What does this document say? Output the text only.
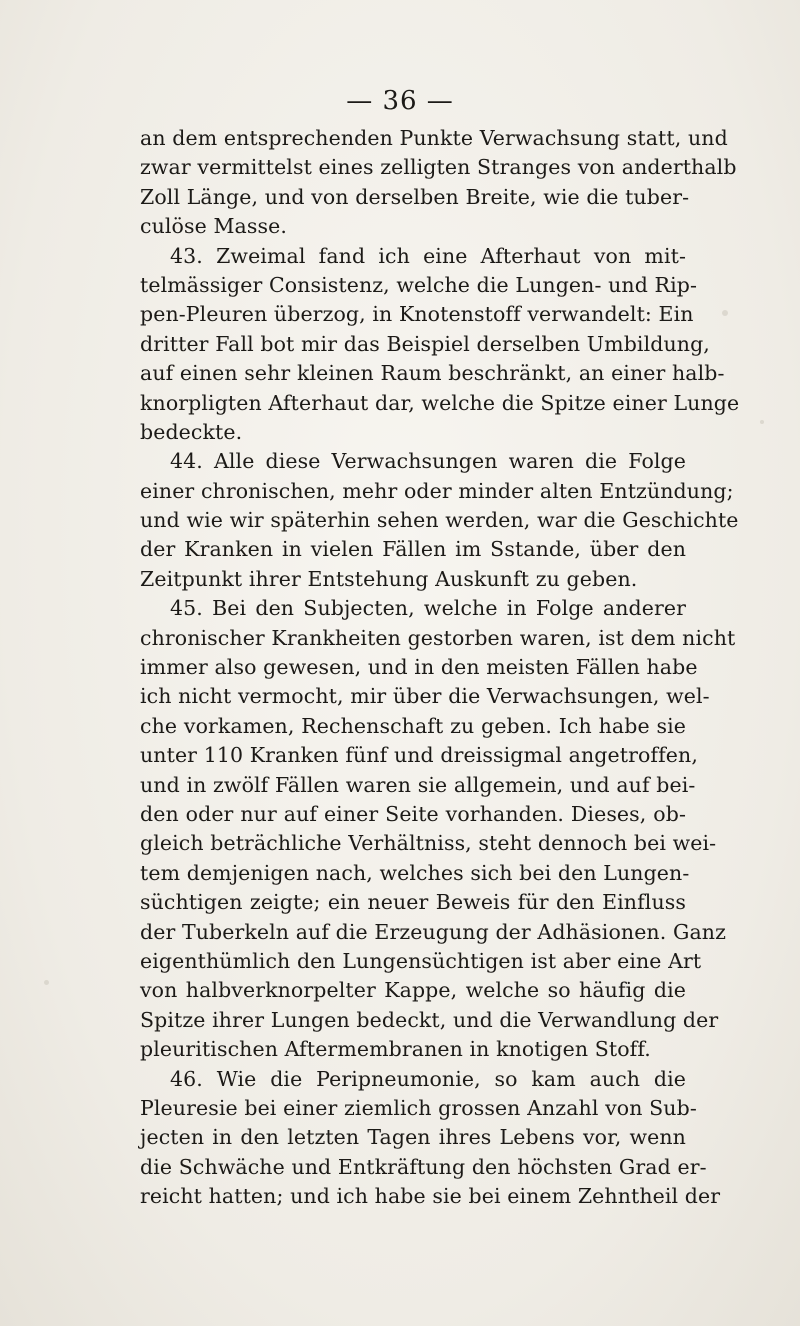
— 36 —
an dem entsprechenden Punkte Verwachsung statt, und
zwar vermittelst eines zelligten Stranges von anderthalb
Zoll Länge, und von derselben Breite, wie die tuber-
culöse Masse.
43. Zweimal fand ich eine Afterhaut von mit-
telmässiger Consistenz, welche die Lungen- und Rip-
pen-Pleuren überzog, in Knotenstoff verwandelt: Ein
dritter Fall bot mir das Beispiel derselben Umbildung,
auf einen sehr kleinen Raum beschränkt, an einer halb-
knorpligten Afterhaut dar, welche die Spitze einer Lunge
bedeckte.
44. Alle diese Verwachsungen waren die Folge
einer chronischen, mehr oder minder alten Entzündung;
und wie wir späterhin sehen werden, war die Geschichte
der Kranken in vielen Fällen im Sstande, über den
Zeitpunkt ihrer Entstehung Auskunft zu geben.
45. Bei den Subjecten, welche in Folge anderer
chronischer Krankheiten gestorben waren, ist dem nicht
immer also gewesen, und in den meisten Fällen habe
ich nicht vermocht, mir über die Verwachsungen, wel-
che vorkamen, Rechenschaft zu geben. Ich habe sie
unter 110 Kranken fünf und dreissigmal angetroffen,
und in zwölf Fällen waren sie allgemein, und auf bei-
den oder nur auf einer Seite vorhanden. Dieses, ob-
gleich beträchliche Verhältniss, steht dennoch bei wei-
tem demjenigen nach, welches sich bei den Lungen-
süchtigen zeigte; ein neuer Beweis für den Einfluss
der Tuberkeln auf die Erzeugung der Adhäsionen. Ganz
eigenthümlich den Lungensüchtigen ist aber eine Art
von halbverknorpelter Kappe, welche so häufig die
Spitze ihrer Lungen bedeckt, und die Verwandlung der
pleuritischen Aftermembranen in knotigen Stoff.
46. Wie die Peripneumonie, so kam auch die
Pleuresie bei einer ziemlich grossen Anzahl von Sub-
jecten in den letzten Tagen ihres Lebens vor, wenn
die Schwäche und Entkräftung den höchsten Grad er-
reicht hatten; und ich habe sie bei einem Zehntheil der
